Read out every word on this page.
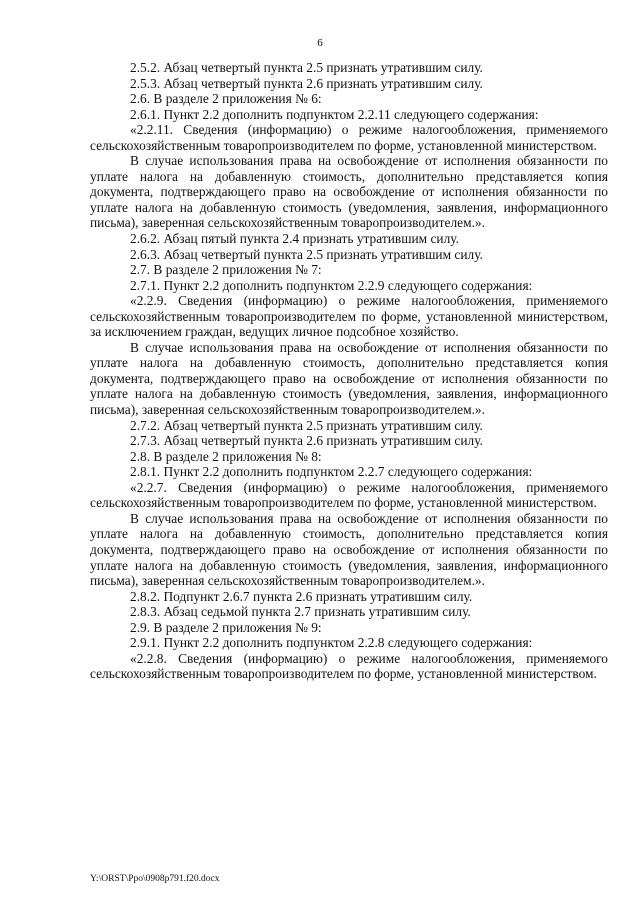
6

2.5.2. Абзац четвертый пункта 2.5 признать утратившим силу.

2.5.3. Абзац четвертый пункта 2.6 признать утратившим силу.

2.6. В разделе 2 приложения № 6:

2.6.1. Пункт 2.2 дополнить подпунктом 2.2.11 следующего содержания:

«2.2.11. Сведения (информацию) о режиме налогообложения, применяемого сельскохозяйственным товаропроизводителем по форме, установленной министерством.

В случае использования права на освобождение от исполнения обязанности по уплате налога на добавленную стоимость, дополнительно представляется копия документа, подтверждающего право на освобождение от исполнения обязанности по уплате налога на добавленную стоимость (уведомления, заявления, информационного письма), заверенная сельскохозяйственным товаропроизводителем.».

2.6.2. Абзац пятый пункта 2.4 признать утратившим силу.

2.6.3. Абзац четвертый пункта 2.5 признать утратившим силу.

2.7. В разделе 2 приложения № 7:

2.7.1. Пункт 2.2 дополнить подпунктом 2.2.9 следующего содержания:

«2.2.9. Сведения (информацию) о режиме налогообложения, применяемого сельскохозяйственным товаропроизводителем по форме, установленной министерством, за исключением граждан, ведущих личное подсобное хозяйство.

В случае использования права на освобождение от исполнения обязанности по уплате налога на добавленную стоимость, дополнительно представляется копия документа, подтверждающего право на освобождение от исполнения обязанности по уплате налога на добавленную стоимость (уведомления, заявления, информационного письма), заверенная сельскохозяйственным товаропроизводителем.».

2.7.2. Абзац четвертый пункта 2.5 признать утратившим силу.

2.7.3. Абзац четвертый пункта 2.6 признать утратившим силу.

2.8. В разделе 2 приложения № 8:

2.8.1. Пункт 2.2 дополнить подпунктом 2.2.7 следующего содержания:

«2.2.7. Сведения (информацию) о режиме налогообложения, применяемого сельскохозяйственным товаропроизводителем по форме, установленной министерством.

В случае использования права на освобождение от исполнения обязанности по уплате налога на добавленную стоимость, дополнительно представляется копия документа, подтверждающего право на освобождение от исполнения обязанности по уплате налога на добавленную стоимость (уведомления, заявления, информационного письма), заверенная сельскохозяйственным товаропроизводителем.».

2.8.2. Подпункт 2.6.7 пункта 2.6 признать утратившим силу.

2.8.3. Абзац седьмой пункта 2.7 признать утратившим силу.

2.9. В разделе 2 приложения № 9:

2.9.1. Пункт 2.2 дополнить подпунктом 2.2.8 следующего содержания:

«2.2.8. Сведения (информацию) о режиме налогообложения, применяемого сельскохозяйственным товаропроизводителем по форме, установленной министерством.

Y:\ORST\Ppo\0908p791.f20.docx
